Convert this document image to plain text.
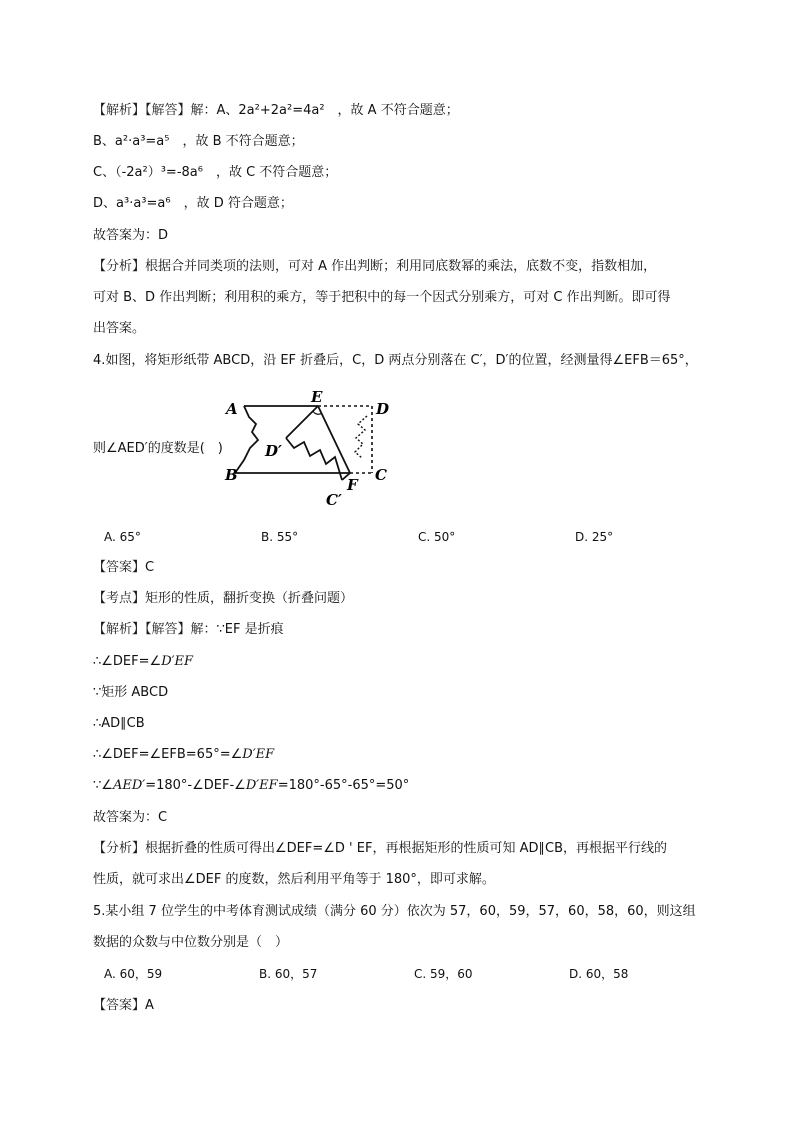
【解析】【解答】解：A、2a²+2a²=4a²　，故 A 不符合题意；
B、a²·a³=a⁵　，故 B 不符合题意；
C、（-2a²）³=-8a⁶　，故 C 不符合题意；
D、a³·a³=a⁶　，故 D 符合题意；
故答案为：D
【分析】根据合并同类项的法则，可对 A 作出判断；利用同底数幂的乘法，底数不变，指数相加，
可对 B、D 作出判断；利用积的乘方，等于把积中的每一个因式分别乘方，可对 C 作出判断。即可得
出答案。
4.如图，将矩形纸带 ABCD，沿 EF 折叠后，C，D 两点分别落在 C′，D′的位置，经测量得∠EFB＝65°，
则∠AED′的度数是(　)
A
B	C
D
E
F
D′
C′
A. 65°	B. 55°	C. 50°	D. 25°
【答案】C
【考点】矩形的性质，翻折变换（折叠问题）
【解析】【解答】解：∵EF 是折痕
∴∠DEF=∠D′EF
∵矩形 ABCD
∴AD∥CB
∴∠DEF=∠EFB=65°=∠D′EF
∵∠AED′=180°-∠DEF-∠D′EF=180°-65°-65°=50°
故答案为：C
【分析】根据折叠的性质可得出∠DEF=∠D ' EF，再根据矩形的性质可知 AD∥CB，再根据平行线的
性质，就可求出∠DEF 的度数，然后利用平角等于 180°，即可求解。
5.某小组 7 位学生的中考体育测试成绩（满分 60 分）依次为 57，60，59，57，60，58，60，则这组
数据的众数与中位数分别是（　）
A. 60，59	B. 60，57	C. 59，60	D. 60，58
【答案】A
